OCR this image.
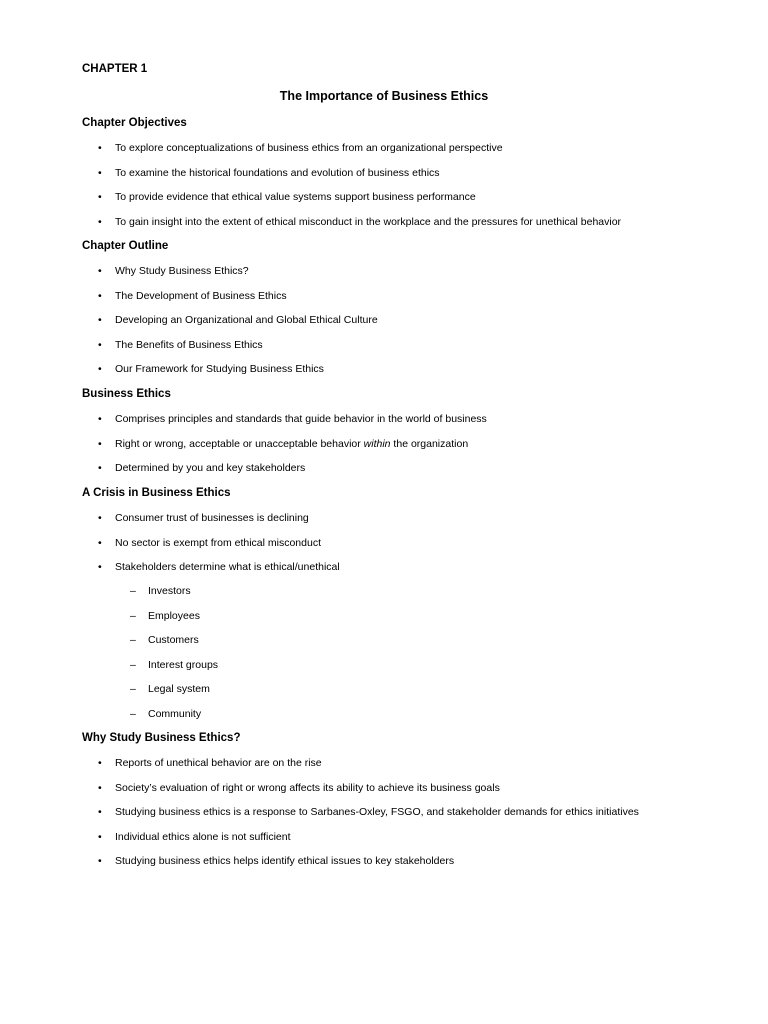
CHAPTER 1
The Importance of Business Ethics
Chapter Objectives
•	To explore conceptualizations of business ethics from an organizational perspective
•	To examine the historical foundations and evolution of business ethics
•	To provide evidence that ethical value systems support business performance
•	To gain insight into the extent of ethical misconduct in the workplace and the pressures for unethical behavior
Chapter Outline
•	Why Study Business Ethics?
•	The Development of Business Ethics
•	Developing an Organizational and Global Ethical Culture
•	The Benefits of Business Ethics
•	Our Framework for Studying Business Ethics
Business Ethics
•	Comprises principles and standards that guide behavior in the world of business
•	Right or wrong, acceptable or unacceptable behavior within the organization
•	Determined by you and key stakeholders
A Crisis in Business Ethics
•	Consumer trust of businesses is declining
•	No sector is exempt from ethical misconduct
•	Stakeholders determine what is ethical/unethical
–	Investors
–	Employees
–	Customers
–	Interest groups
–	Legal system
–	Community
Why Study Business Ethics?
•	Reports of unethical behavior are on the rise
•	Society’s evaluation of right or wrong affects its ability to achieve its business goals
•	Studying business ethics is a response to Sarbanes-Oxley, FSGO, and stakeholder demands for ethics initiatives
•	Individual ethics alone is not sufficient
•	Studying business ethics helps identify ethical issues to key stakeholders
